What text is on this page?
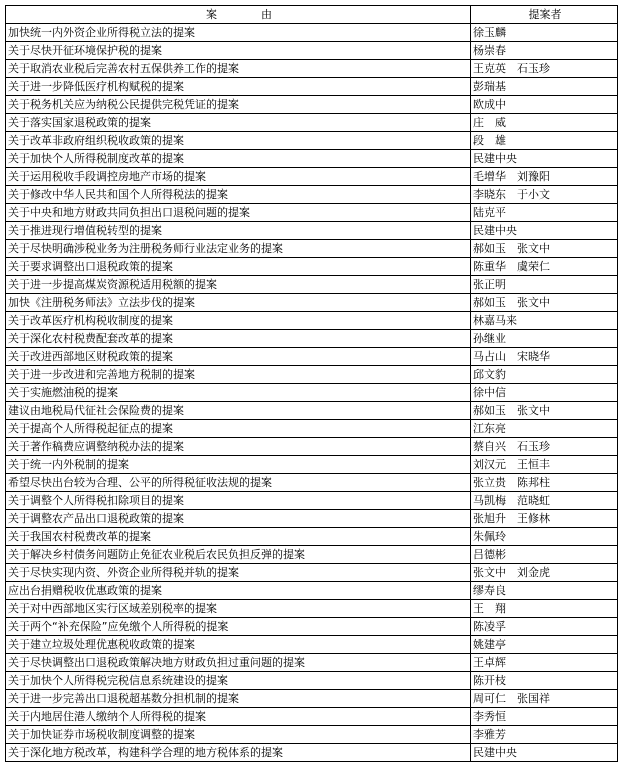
案　　　　由	提案者
加快统一内外资企业所得税立法的提案	徐玉麟
关于尽快开征环境保护税的提案	杨崇春
关于取消农业税后完善农村五保供养工作的提案	王克英　石玉珍
关于进一步降低医疗机构赋税的提案	彭瑞基
关于税务机关应为纳税公民提供完税凭证的提案	欧成中
关于落实国家退税政策的提案	庄　威
关于改革非政府组织税收政策的提案	段　雄
关于加快个人所得税制度改革的提案	民建中央
关于运用税收手段调控房地产市场的提案	毛增华　刘豫阳
关于修改中华人民共和国个人所得税法的提案	李晓东　于小文
关于中央和地方财政共同负担出口退税问题的提案	陆克平
关于推进现行增值税转型的提案	民建中央
关于尽快明确涉税业务为注册税务师行业法定业务的提案	郝如玉　张文中
关于要求调整出口退税政策的提案	陈重华　虞荣仁
关于进一步提高煤炭资源税适用税额的提案	张正明
加快《注册税务师法》立法步伐的提案	郝如玉　张文中
关于改革医疗机构税收制度的提案	林嘉马来
关于深化农村税费配套改革的提案	孙继业
关于改进西部地区财税政策的提案	马占山　宋晓华
关于进一步改进和完善地方税制的提案	邱文豹
关于实施燃油税的提案	徐中信
建议由地税局代征社会保险费的提案	郝如玉　张文中
关于提高个人所得税起征点的提案	江东亮
关于著作稿费应调整纳税办法的提案	蔡自兴　石玉珍
关于统一内外税制的提案	刘汉元　王恒丰
希望尽快出台较为合理、公平的所得税征收法规的提案	张立贵　陈邦柱
关于调整个人所得税扣除项目的提案	马凯梅　范晓虹
关于调整农产品出口退税政策的提案	张旭升　王修林
关于我国农村税费改革的提案	朱佩玲
关于解决乡村债务问题防止免征农业税后农民负担反弹的提案	吕德彬
关于尽快实现内资、外资企业所得税并轨的提案	张文中　刘金虎
应出台捐赠税收优惠政策的提案	缪寿良
关于对中西部地区实行区域差别税率的提案	王　翔
关于两个“补充保险”应免缴个人所得税的提案	陈凌孚
关于建立垃圾处理优惠税收政策的提案	姚建亭
关于尽快调整出口退税政策解决地方财政负担过重问题的提案	王卓辉
关于加快个人所得税完税信息系统建设的提案	陈开枝
关于进一步完善出口退税超基数分担机制的提案	周可仁　张国祥
关于内地居住港人缴纳个人所得税的提案	李秀恒
关于加快证券市场税收制度调整的提案	李雅芳
关于深化地方税改革，构建科学合理的地方税体系的提案	民建中央
